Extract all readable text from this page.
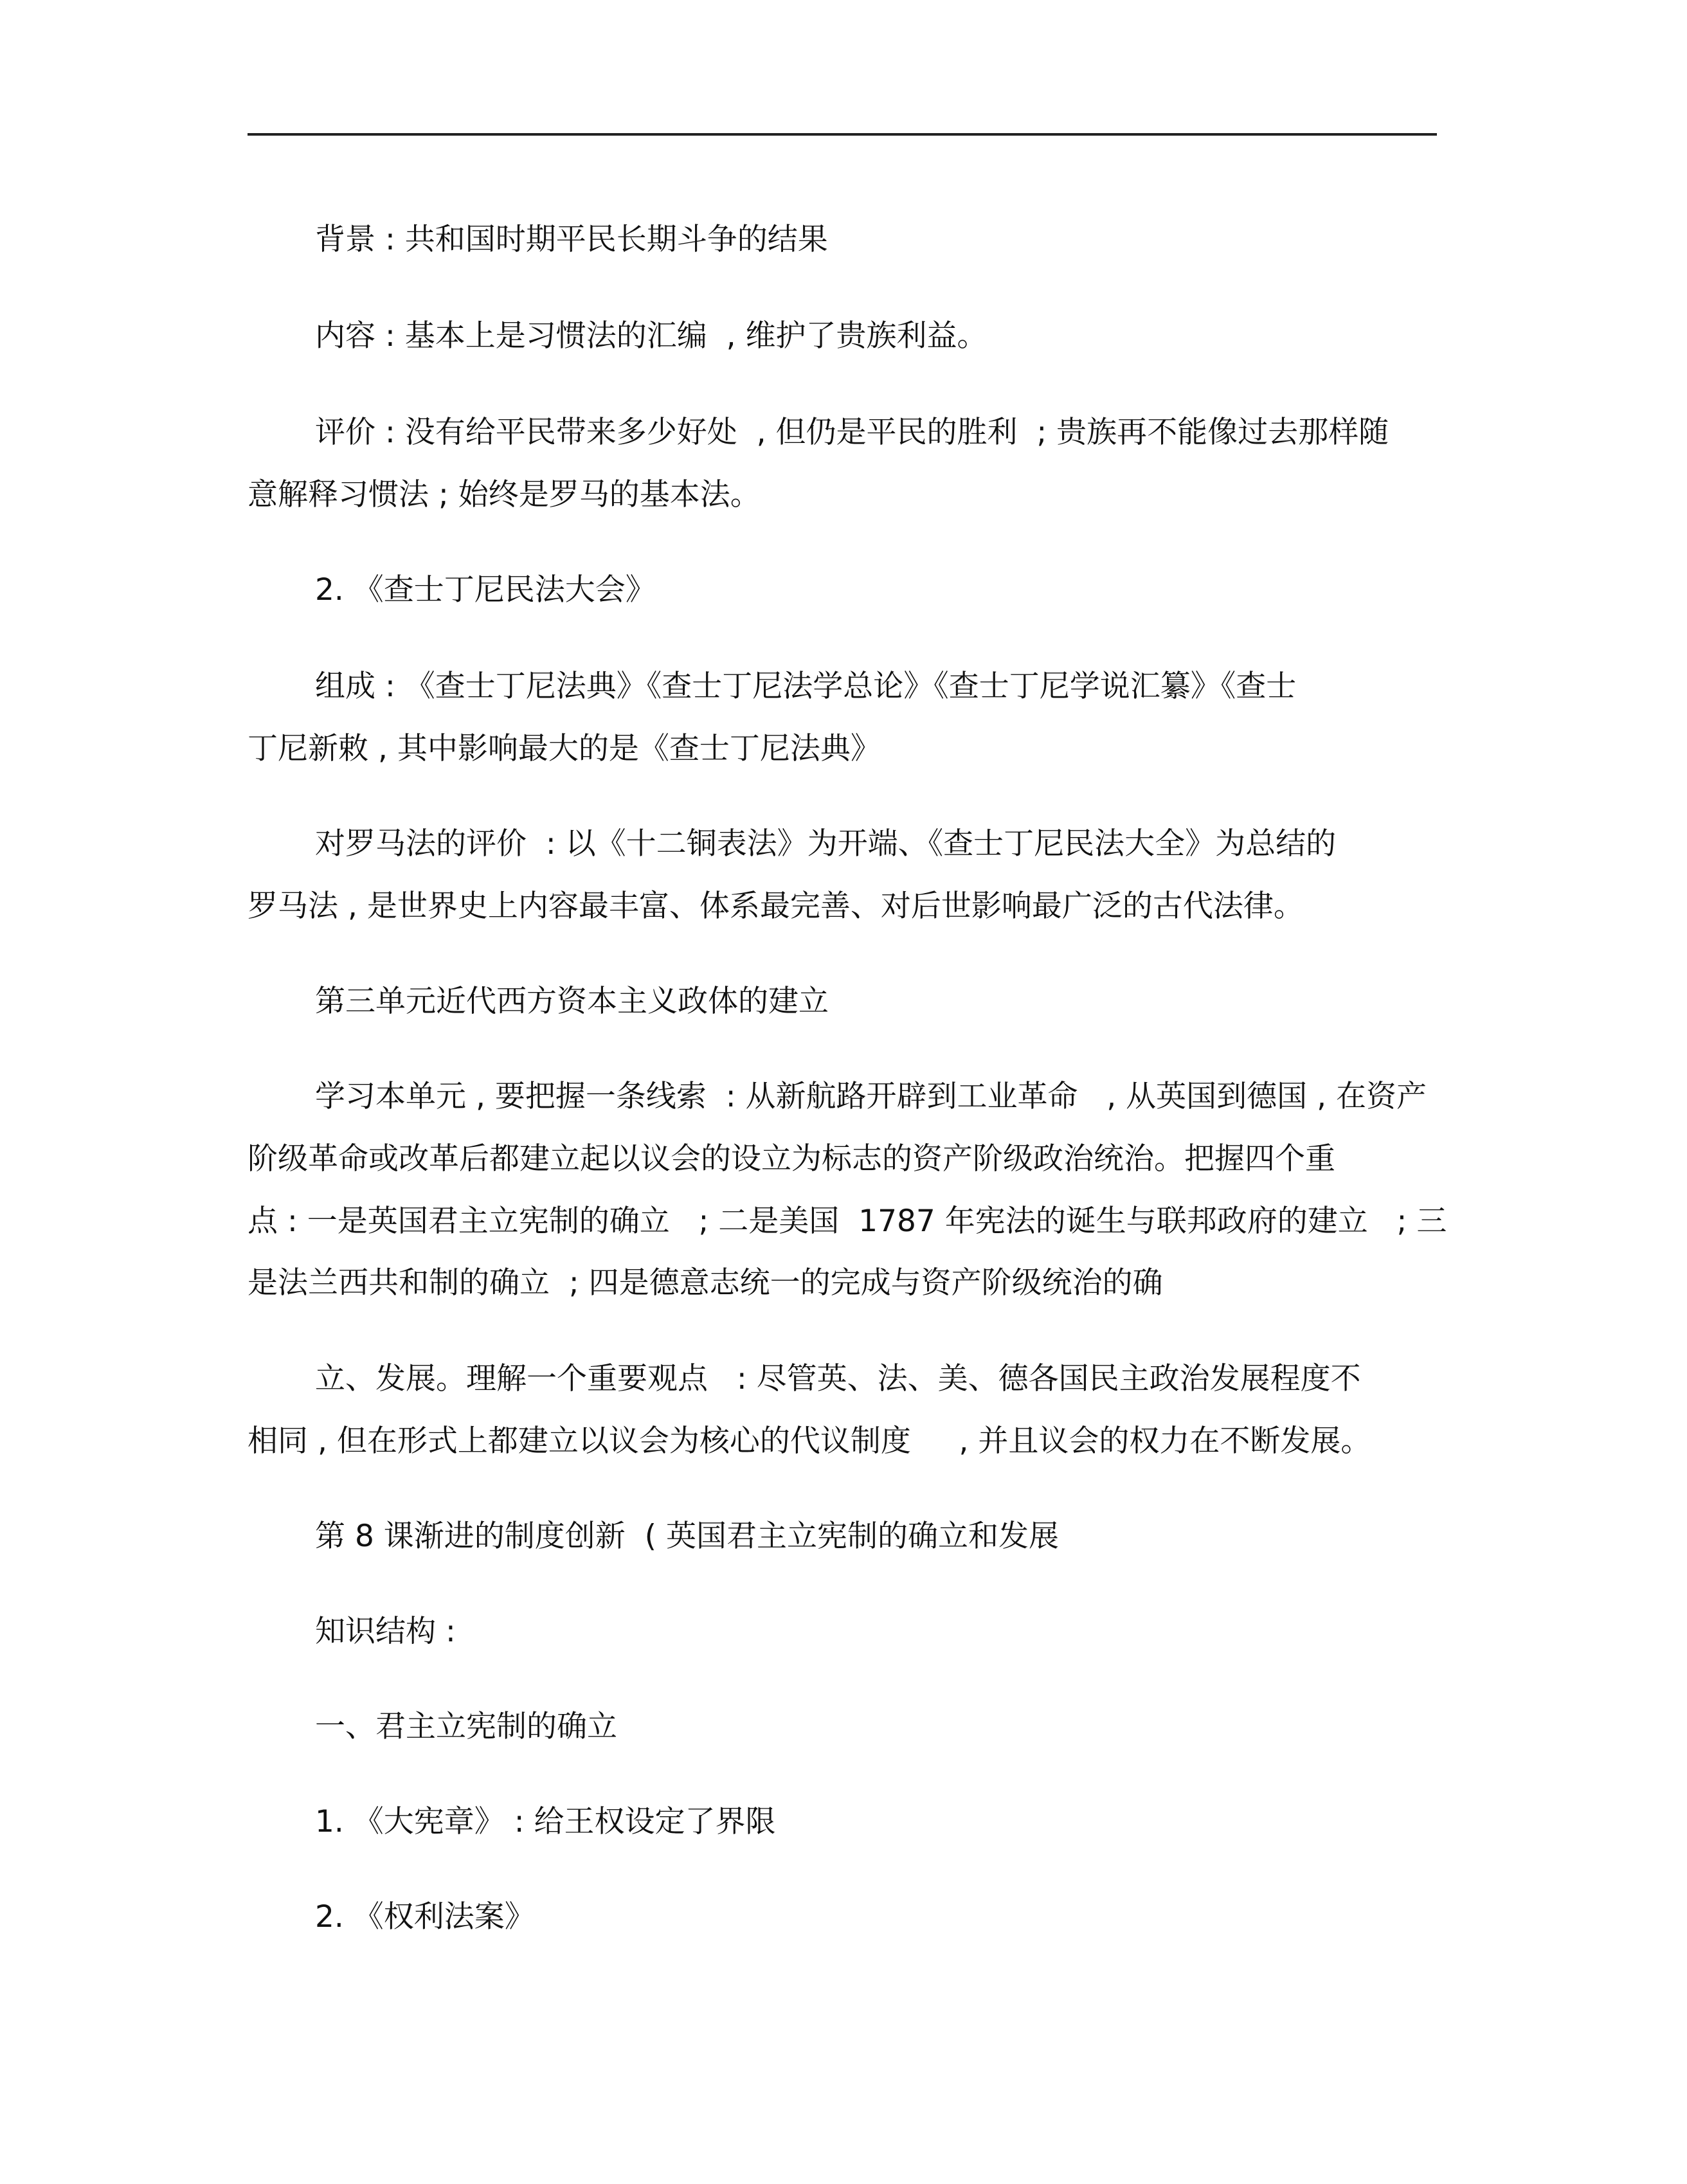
背景 : 共和国时期平民长期斗争的结果
内容 : 基本上是习惯法的汇编  , 维护了贵族利益。
评价 : 没有给平民带来多少好处  , 但仍是平民的胜利  ; 贵族再不能像过去那样随
意解释习惯法 ; 始终是罗马的基本法。
2. 《查士丁尼民法大会》
组成 : 《查士丁尼法典》《查士丁尼法学总论》《查士丁尼学说汇纂》《查士
丁尼新敕 , 其中影响最大的是《查士丁尼法典》
对罗马法的评价  : 以《十二铜表法》为开端、《查士丁尼民法大全》为总结的
罗马法 , 是世界史上内容最丰富、体系最完善、对后世影响最广泛的古代法律。
第三单元近代西方资本主义政体的建立
学习本单元 , 要把握一条线索  : 从新航路开辟到工业革命   , 从英国到德国 , 在资产
阶级革命或改革后都建立起以议会的设立为标志的资产阶级政治统治。把握四个重
点 : 一是英国君主立宪制的确立   ; 二是美国  1787 年宪法的诞生与联邦政府的建立   ; 三
是法兰西共和制的确立  ; 四是德意志统一的完成与资产阶级统治的确
立、发展。理解一个重要观点   : 尽管英、法、美、德各国民主政治发展程度不
相同 , 但在形式上都建立以议会为核心的代议制度     , 并且议会的权力在不断发展。
第 8 课渐进的制度创新  ( 英国君主立宪制的确立和发展
知识结构 :
一、君主立宪制的确立
1. 《大宪章》 : 给王权设定了界限
2. 《权利法案》
